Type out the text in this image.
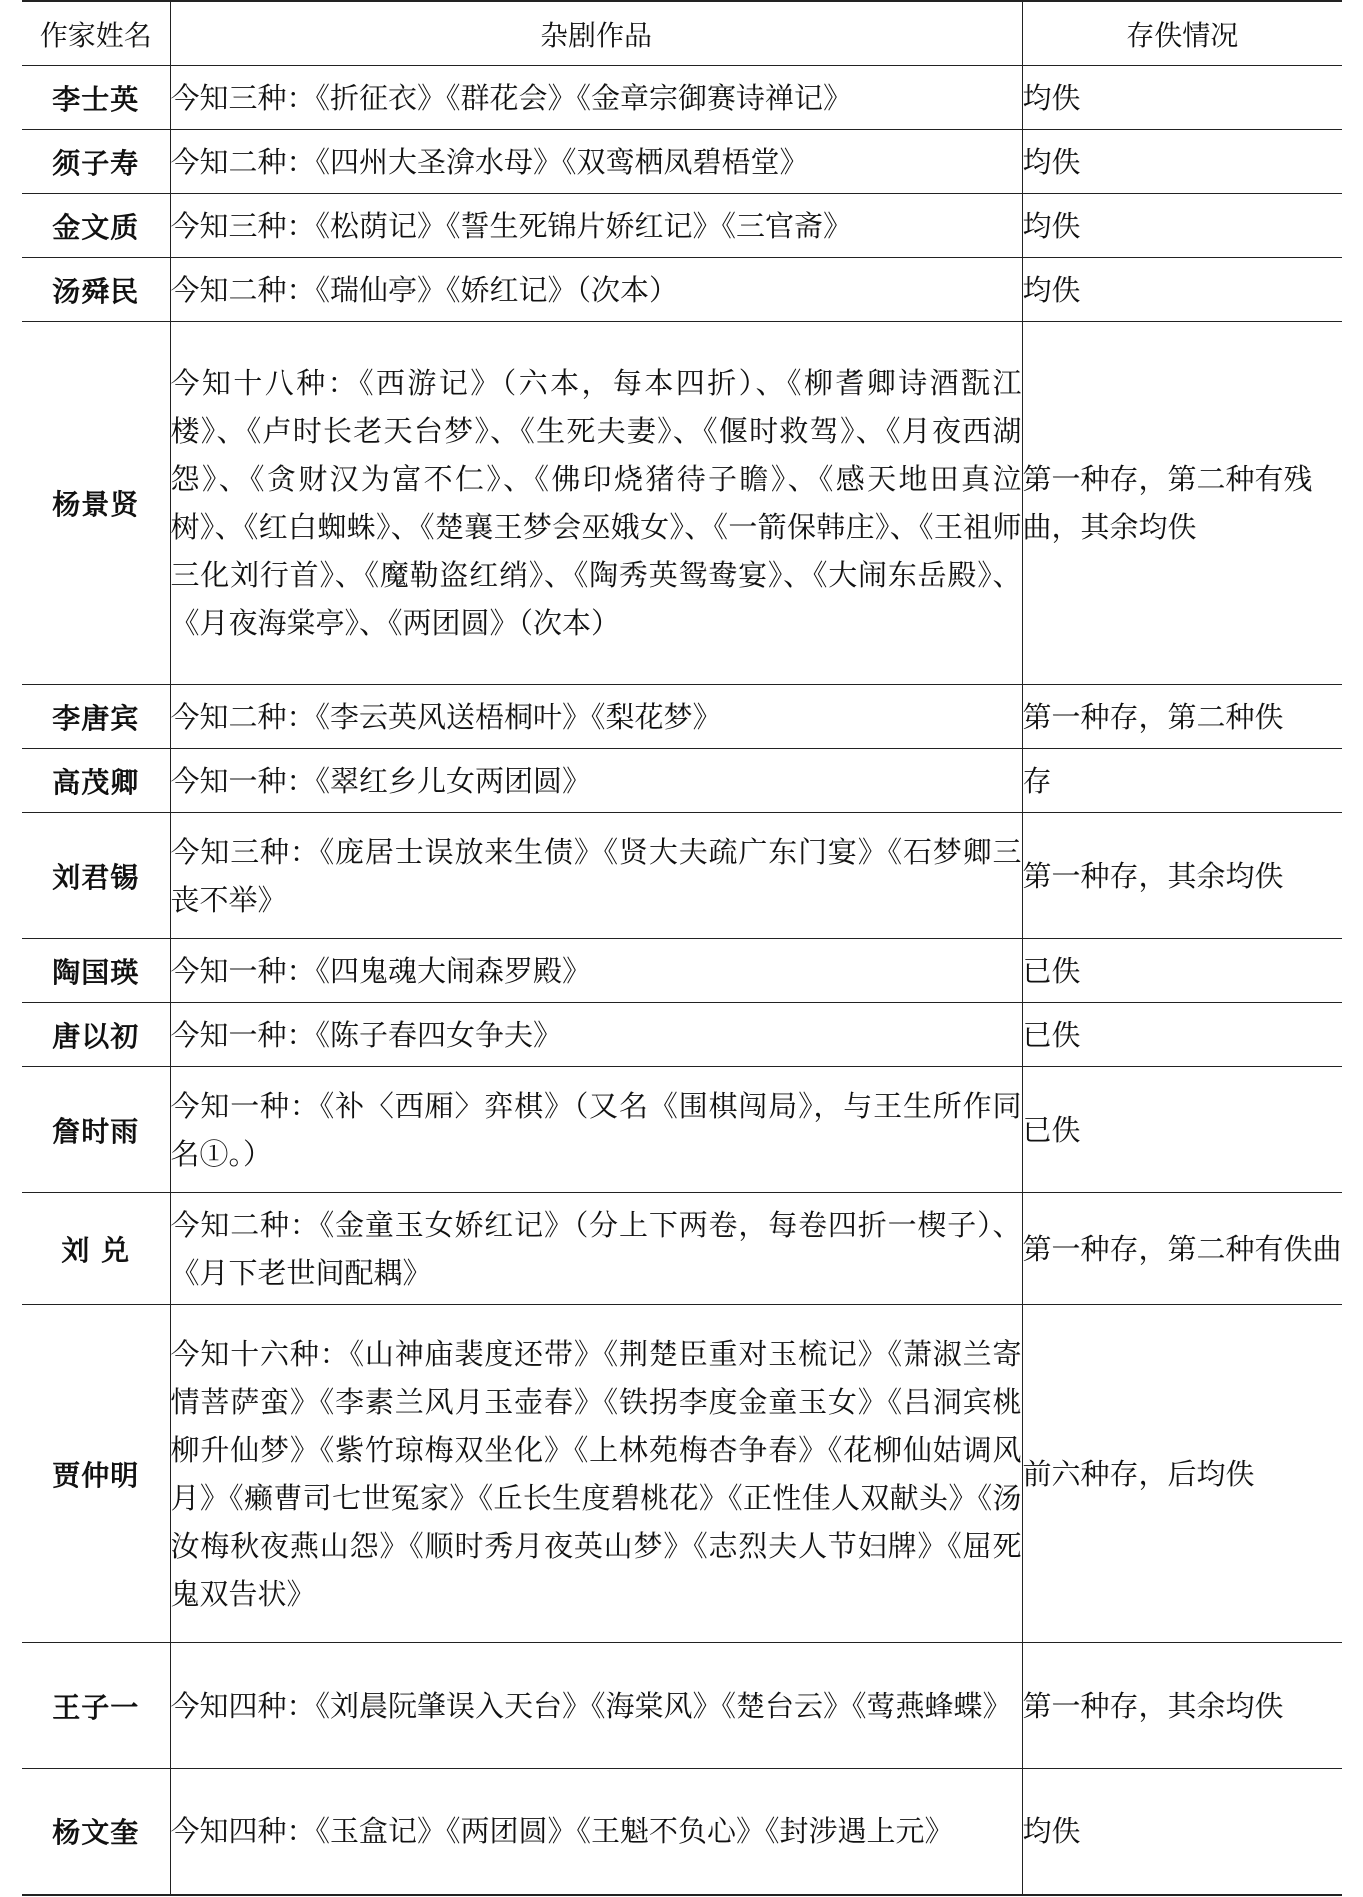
作家姓名	杂剧作品	存佚情况
李士英	今知三种：《折征衣》《群花会》《金章宗御赛诗禅记》	均佚
须子寿	今知二种：《四州大圣渰水母》《双鸾栖凤碧梧堂》	均佚
金文质	今知三种：《松荫记》《誓生死锦片娇红记》《三官斋》	均佚
汤舜民	今知二种：《瑞仙亭》《娇红记》（次本）	均佚
杨景贤	今知十八种：《西游记》（六本，每本四折）、《柳耆卿诗酒翫江楼》、《卢时长老天台梦》、《生死夫妻》、《偃时救驾》、《月夜西湖怨》、《贪财汉为富不仁》、《佛印烧猪待子瞻》、《感天地田真泣树》、《红白蜘蛛》、《楚襄王梦会巫娥女》、《一箭保韩庄》、《王祖师三化刘行首》、《魔勒盗红绡》、《陶秀英鸳鸯宴》、《大闹东岳殿》、《月夜海棠亭》、《两团圆》（次本）	第一种存，第二种有残曲，其余均佚
李唐宾	今知二种：《李云英风送梧桐叶》《梨花梦》	第一种存，第二种佚
高茂卿	今知一种：《翠红乡儿女两团圆》	存
刘君锡	今知三种：《庞居士误放来生债》《贤大夫疏广东门宴》《石梦卿三丧不举》	第一种存，其余均佚
陶国瑛	今知一种：《四鬼魂大闹森罗殿》	已佚
唐以初	今知一种：《陈子春四女争夫》	已佚
詹时雨	今知一种：《补〈西厢〉弈棋》（又名《围棋闯局》，与王生所作同名①。）	已佚
刘 兑	今知二种：《金童玉女娇红记》（分上下两卷，每卷四折一楔子）、《月下老世间配耦》	第一种存，第二种有佚曲
贾仲明	今知十六种：《山神庙裴度还带》《荆楚臣重对玉梳记》《萧淑兰寄情菩萨蛮》《李素兰风月玉壶春》《铁拐李度金童玉女》《吕洞宾桃柳升仙梦》《紫竹琼梅双坐化》《上林苑梅杏争春》《花柳仙姑调风月》《癞曹司七世冤家》《丘长生度碧桃花》《正性佳人双献头》《汤汝梅秋夜燕山怨》《顺时秀月夜英山梦》《志烈夫人节妇牌》《屈死鬼双告状》	前六种存，后均佚
王子一	今知四种：《刘晨阮肇误入天台》《海棠风》《楚台云》《莺燕蜂蝶》	第一种存，其余均佚
杨文奎	今知四种：《玉盒记》《两团圆》《王魁不负心》《封涉遇上元》	均佚
